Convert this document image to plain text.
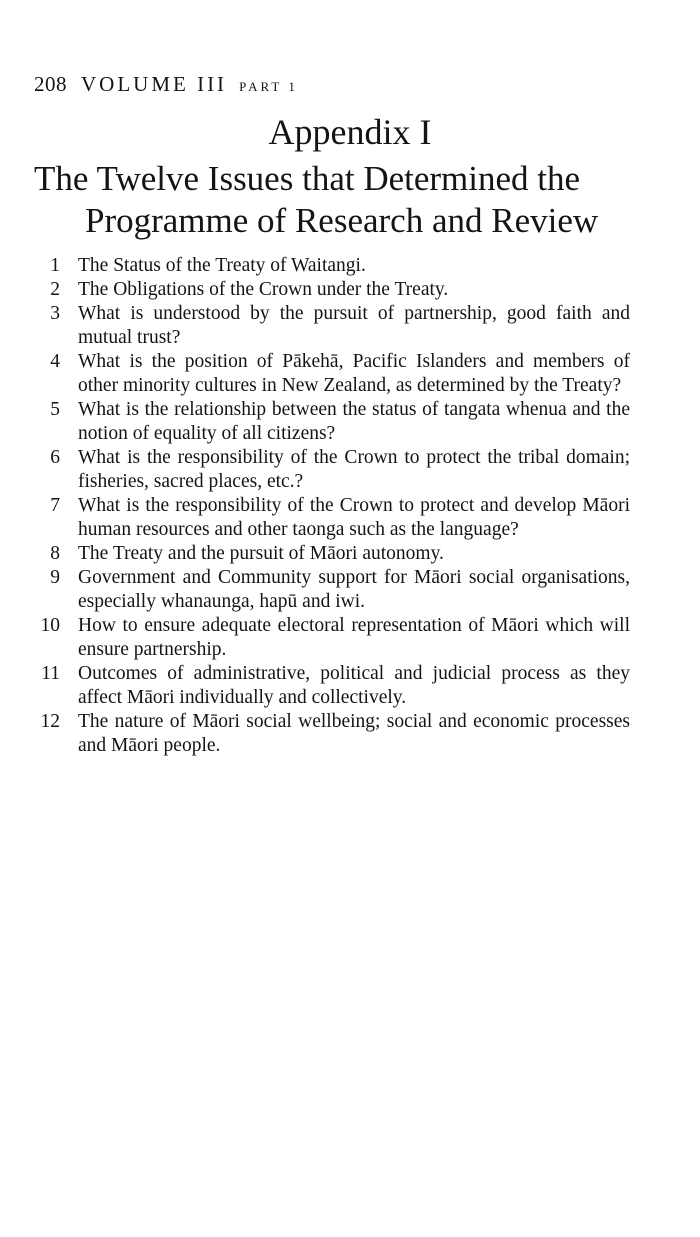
208 VOLUME III PART 1
Appendix I
The Twelve Issues that Determined the
Programme of Research and Review
1 The Status of the Treaty of Waitangi.
2 The Obligations of the Crown under the Treaty.
3 What is understood by the pursuit of partnership, good faith and mutual trust?
4 What is the position of Pākehā, Pacific Islanders and members of other minority cultures in New Zealand, as determined by the Treaty?
5 What is the relationship between the status of tangata whenua and the notion of equality of all citizens?
6 What is the responsibility of the Crown to protect the tribal domain; fisheries, sacred places, etc.?
7 What is the responsibility of the Crown to protect and develop Māori human resources and other taonga such as the language?
8 The Treaty and the pursuit of Māori autonomy.
9 Government and Community support for Māori social organisations, especially whanaunga, hapū and iwi.
10 How to ensure adequate electoral representation of Māori which will ensure partnership.
11 Outcomes of administrative, political and judicial process as they affect Māori individually and collectively.
12 The nature of Māori social wellbeing; social and economic processes and Māori people.
